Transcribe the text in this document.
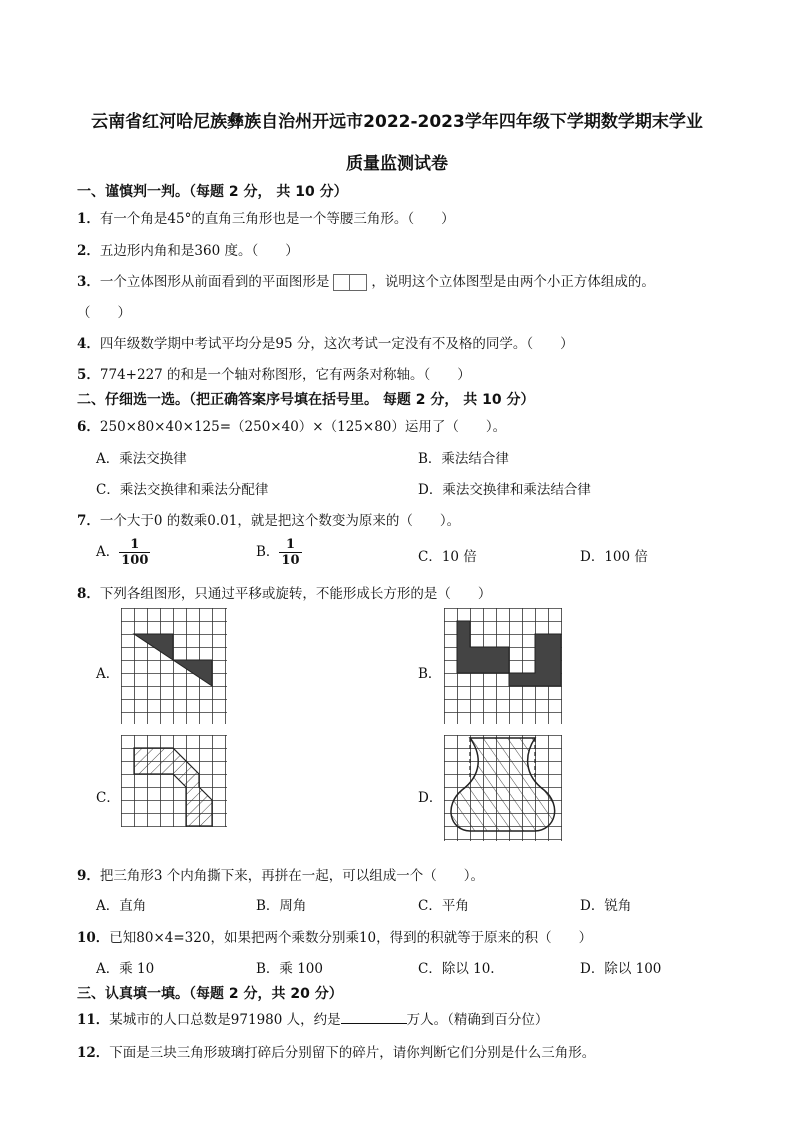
云南省红河哈尼族彝族自治州开远市2022-2023学年四年级下学期数学期末学业
质量监测试卷
一、谨慎判一判。（每题 2 分， 共 10 分）
1．有一个角是45°的直角三角形也是一个等腰三角形。（　　）
2．五边形内角和是360 度。（　　）
3．一个立体图形从前面看到的平面图形是	，说明这个立体图型是由两个小正方体组成的。
（　　）
4．四年级数学期中考试平均分是95 分，这次考试一定没有不及格的同学。（　　）
5．774+227 的和是一个轴对称图形，它有两条对称轴。（　　）
二、仔细选一选。（把正确答案序号填在括号里。 每题 2 分， 共 10 分）
6．250×80×40×125=（250×40）×（125×80）运用了（　　）。
A．乘法交换律	B．乘法结合律
C．乘法交换律和乘法分配律	D．乘法交换律和乘法结合律
7．一个大于0 的数乘0.01，就是把这个数变为原来的（　　）。
A． $\frac{1}{100}$	B． $\frac{1}{10}$	C．10 倍	D．100 倍
8．下列各组图形，只通过平移或旋转，不能形成长方形的是（　　）
A．	B．
C．	D．
9．把三角形3 个内角撕下来，再拼在一起，可以组成一个（　　）。
A．直角	B．周角	C．平角	D．锐角
10．已知80×4=320，如果把两个乘数分别乘10，得到的积就等于原来的积（　　）
A．乘 10	B．乘 100	C．除以 10.	D．除以 100
三、认真填一填。（每题 2 分，共 20 分）
11．某城市的人口总数是971980 人，约是	万人。（精确到百分位）
12．下面是三块三角形玻璃打碎后分别留下的碎片，请你判断它们分别是什么三角形。
